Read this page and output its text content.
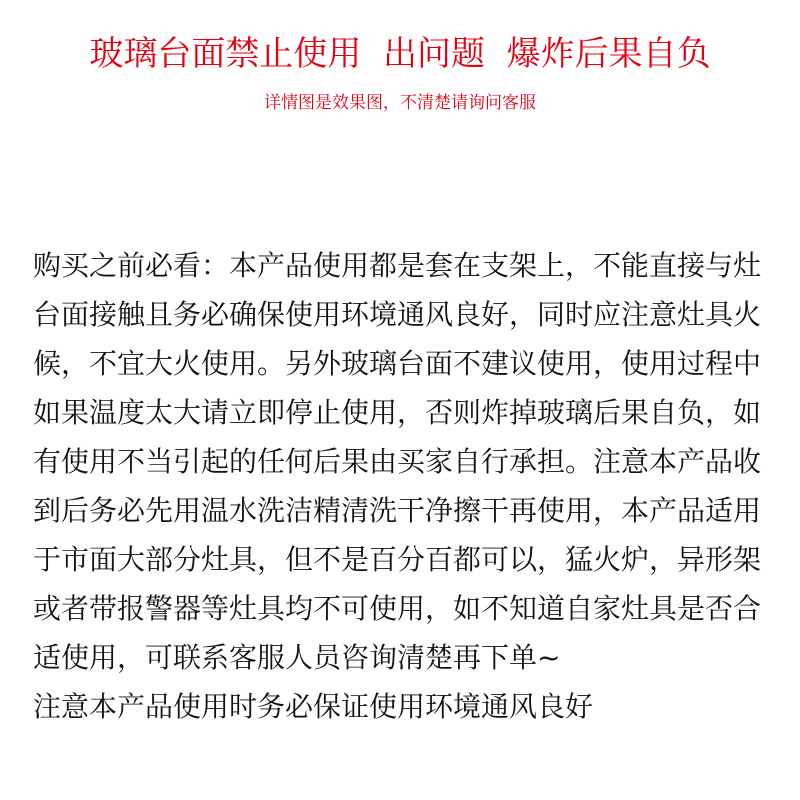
玻璃台面禁止使用  出问题  爆炸后果自负
详情图是效果图，不清楚请询问客服
购买之前必看：本产品使用都是套在支架上，不能直接与灶
台面接触且务必确保使用环境通风良好，同时应注意灶具火
候，不宜大火使用。另外玻璃台面不建议使用，使用过程中
如果温度太大请立即停止使用，否则炸掉玻璃后果自负，如
有使用不当引起的任何后果由买家自行承担。注意本产品收
到后务必先用温水洗洁精清洗干净擦干再使用，本产品适用
于市面大部分灶具，但不是百分百都可以，猛火炉，异形架
或者带报警器等灶具均不可使用，如不知道自家灶具是否合
适使用，可联系客服人员咨询清楚再下单~
注意本产品使用时务必保证使用环境通风良好
